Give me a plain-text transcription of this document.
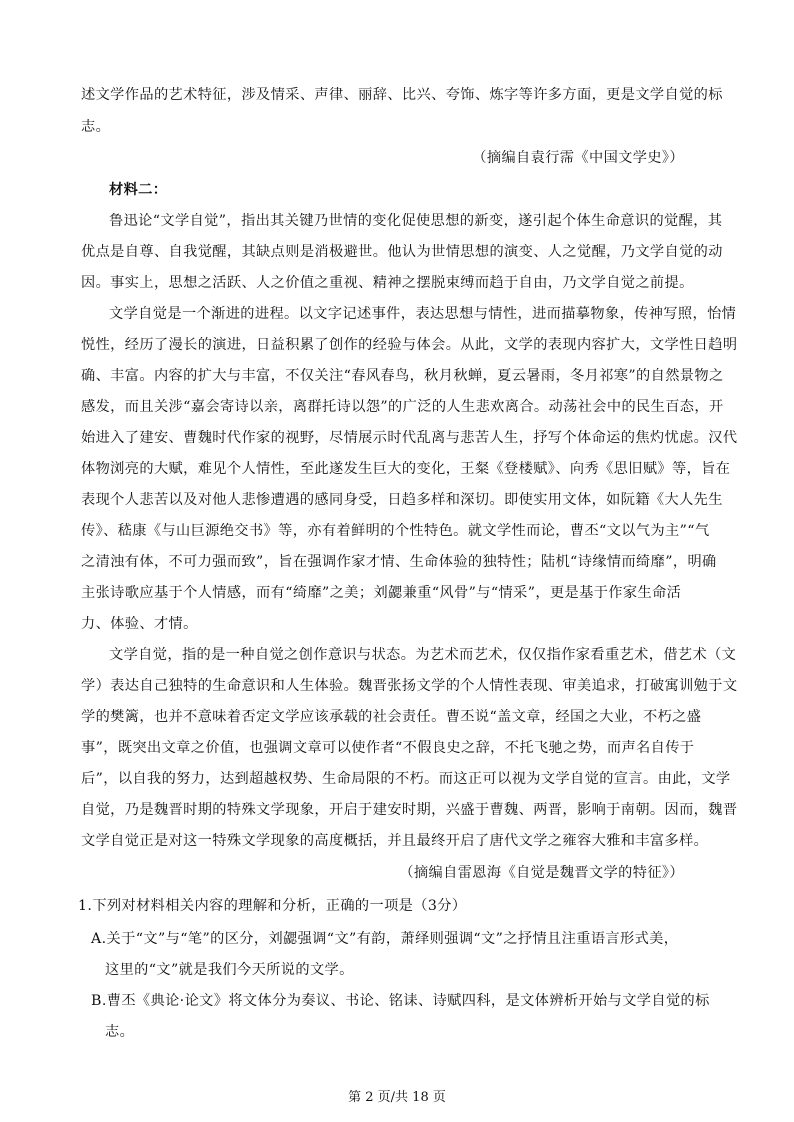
述文学作品的艺术特征，涉及情采、声律、丽辞、比兴、夸饰、炼字等许多方面，更是文学自觉的标
志。
（摘编自袁行霈《中国文学史》）
材料二：
鲁迅论“文学自觉”，指出其关键乃世情的变化促使思想的新变，遂引起个体生命意识的觉醒，其
优点是自尊、自我觉醒，其缺点则是消极避世。他认为世情思想的演变、人之觉醒，乃文学自觉的动
因。事实上，思想之活跃、人之价值之重视、精神之摆脱束缚而趋于自由，乃文学自觉之前提。
文学自觉是一个渐进的进程。以文字记述事件，表达思想与情性，进而描摹物象，传神写照，怡情
悦性，经历了漫长的演进，日益积累了创作的经验与体会。从此，文学的表现内容扩大，文学性日趋明
确、丰富。内容的扩大与丰富，不仅关注“春风春鸟，秋月秋蝉，夏云暑雨，冬月祁寒”的自然景物之
感发，而且关涉“嘉会寄诗以亲，离群托诗以怨”的广泛的人生悲欢离合。动荡社会中的民生百态，开
始进入了建安、曹魏时代作家的视野，尽情展示时代乱离与悲苦人生，抒写个体命运的焦灼忧虑。汉代
体物浏亮的大赋，难见个人情性，至此遂发生巨大的变化，王粲《登楼赋》、向秀《思旧赋》等，旨在
表现个人悲苦以及对他人悲惨遭遇的感同身受，日趋多样和深切。即使实用文体，如阮籍《大人先生
传》、嵇康《与山巨源绝交书》等，亦有着鲜明的个性特色。就文学性而论，曹丕“文以气为主”“气
之清浊有体，不可力强而致”，旨在强调作家才情、生命体验的独特性；陆机“诗缘情而绮靡”，明确
主张诗歌应基于个人情感，而有“绮靡”之美；刘勰兼重“风骨”与“情采”，更是基于作家生命活
力、体验、才情。
文学自觉，指的是一种自觉之创作意识与状态。为艺术而艺术，仅仅指作家看重艺术，借艺术（文
学）表达自己独特的生命意识和人生体验。魏晋张扬文学的个人情性表现、审美追求，打破寓训勉于文
学的樊篱，也并不意味着否定文学应该承载的社会责任。曹丕说“盖文章，经国之大业，不朽之盛
事”，既突出文章之价值，也强调文章可以使作者“不假良史之辞，不托飞驰之势，而声名自传于
后”，以自我的努力，达到超越权势、生命局限的不朽。而这正可以视为文学自觉的宣言。由此，文学
自觉，乃是魏晋时期的特殊文学现象，开启于建安时期，兴盛于曹魏、两晋，影响于南朝。因而，魏晋
文学自觉正是对这一特殊文学现象的高度概括，并且最终开启了唐代文学之雍容大雅和丰富多样。
（摘编自雷恩海《自觉是魏晋文学的特征》）
1.下列对材料相关内容的理解和分析，正确的一项是（3分）
A.关于“文”与“笔”的区分，刘勰强调“文”有韵，萧绎则强调“文”之抒情且注重语言形式美，
这里的“文”就是我们今天所说的文学。
B.曹丕《典论·论文》将文体分为奏议、书论、铭诔、诗赋四科，是文体辨析开始与文学自觉的标
志。
第 2 页/共 18 页
